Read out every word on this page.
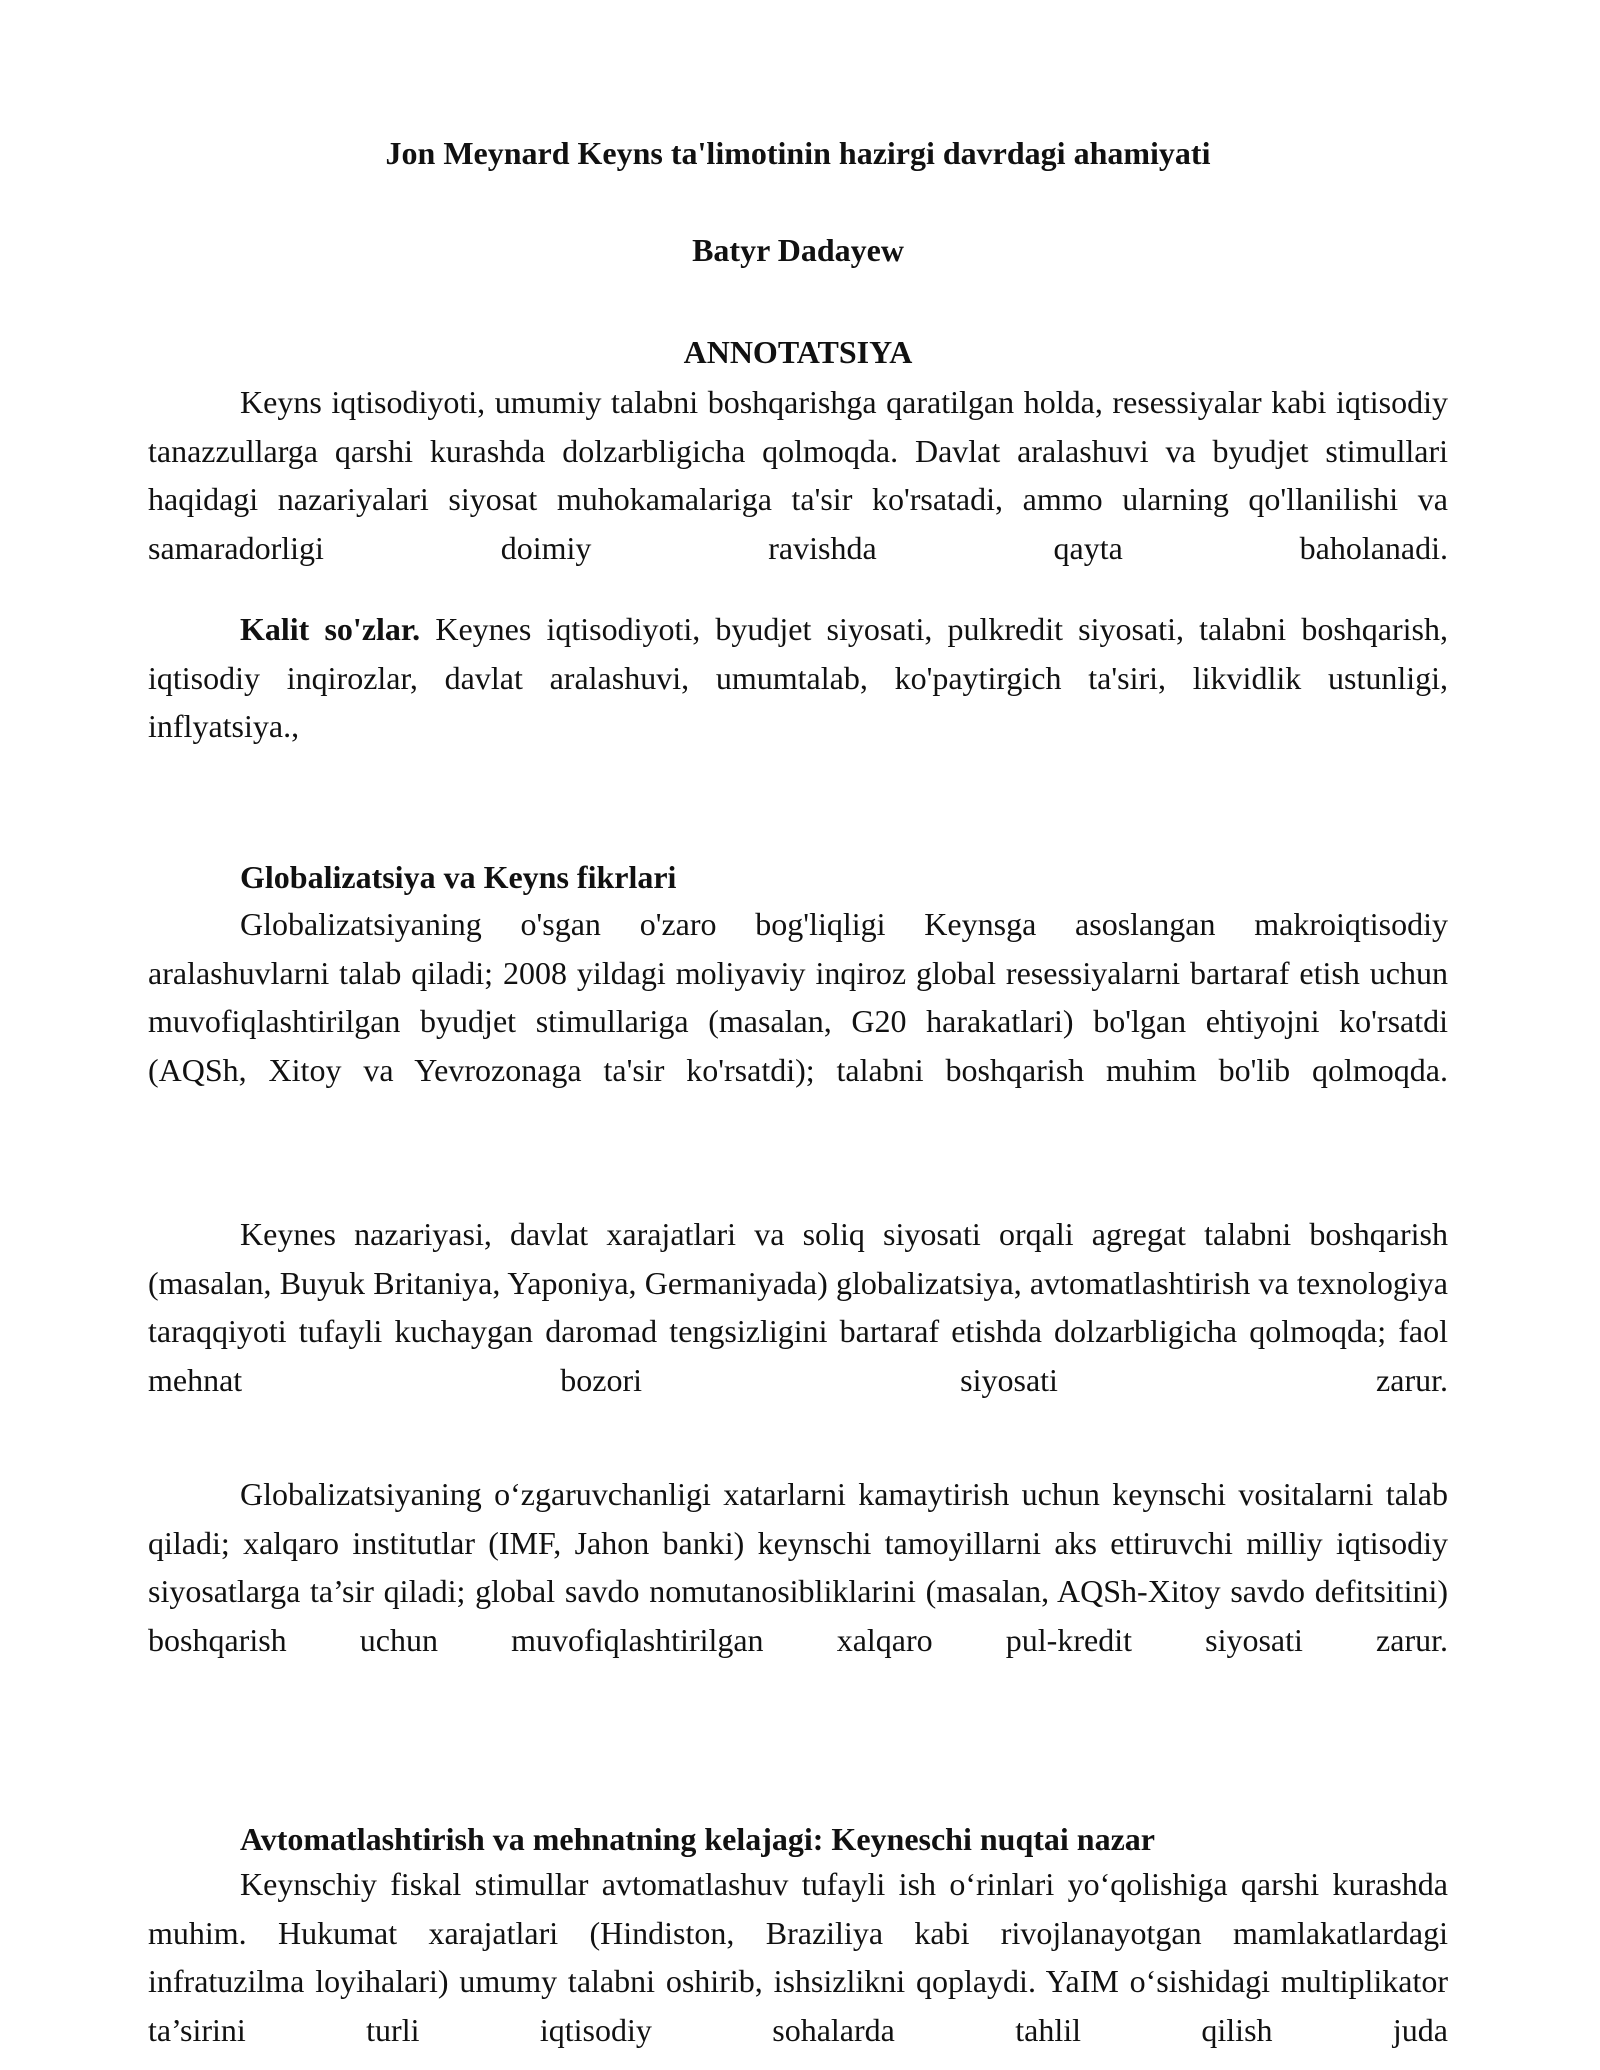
Jon Meynard Keyns ta'limotinin hazirgi davrdagi ahamiyati
Batyr Dadayew
ANNOTATSIYA

Keyns iqtisodiyoti, umumiy talabni boshqarishga qaratilgan holda, resessiyalar kabi iqtisodiy tanazzullarga qarshi kurashda dolzarbligicha qolmoqda. Davlat aralashuvi va byudjet stimullari haqidagi nazariyalari siyosat muhokamalariga ta'sir ko'rsatadi, ammo ularning qo'llanilishi va samaradorligi doimiy ravishda qayta baholanadi.

Kalit so'zlar. Keynes iqtisodiyoti, byudjet siyosati, pulkredit siyosati, talabni boshqarish, iqtisodiy inqirozlar, davlat aralashuvi, umumtalab, ko'paytirgich ta'siri, likvidlik ustunligi, inflyatsiya.,

Globalizatsiya va Keyns fikrlari

Globalizatsiyaning o'sgan o'zaro bog'liqligi Keynsga asoslangan makroiqtisodiy aralashuvlarni talab qiladi; 2008 yildagi moliyaviy inqiroz global resessiyalarni bartaraf etish uchun muvofiqlashtirilgan byudjet stimullariga (masalan, G20 harakatlari) bo'lgan ehtiyojni ko'rsatdi (AQSh, Xitoy va Yevrozonaga ta'sir ko'rsatdi); talabni boshqarish muhim bo'lib qolmoqda.

Keynes nazariyasi, davlat xarajatlari va soliq siyosati orqali agregat talabni boshqarish (masalan, Buyuk Britaniya, Yaponiya, Germaniyada) globalizatsiya, avtomatlashtirish va texnologiya taraqqiyoti tufayli kuchaygan daromad tengsizligini bartaraf etishda dolzarbligicha qolmoqda; faol mehnat bozori siyosati zarur.

Globalizatsiyaning o‘zgaruvchanligi xatarlarni kamaytirish uchun keynschi vositalarni talab qiladi; xalqaro institutlar (IMF, Jahon banki) keynschi tamoyillarni aks ettiruvchi milliy iqtisodiy siyosatlarga ta’sir qiladi; global savdo nomutanosibliklarini (masalan, AQSh-Xitoy savdo defitsitini) boshqarish uchun muvofiqlashtirilgan xalqaro pul-kredit siyosati zarur.

Avtomatlashtirish va mehnatning kelajagi: Keyneschi nuqtai nazar

Keynschiy fiskal stimullar avtomatlashuv tufayli ish o‘rinlari yo‘qolishiga qarshi kurashda muhim. Hukumat xarajatlari (Hindiston, Braziliya kabi rivojlanayotgan mamlakatlardagi infratuzilma loyihalari) umumy talabni oshirib, ishsizlikni qoplaydi. YaIM o‘sishidagi multiplikator ta’sirini turli iqtisodiy sohalarda tahlil qilish juda
